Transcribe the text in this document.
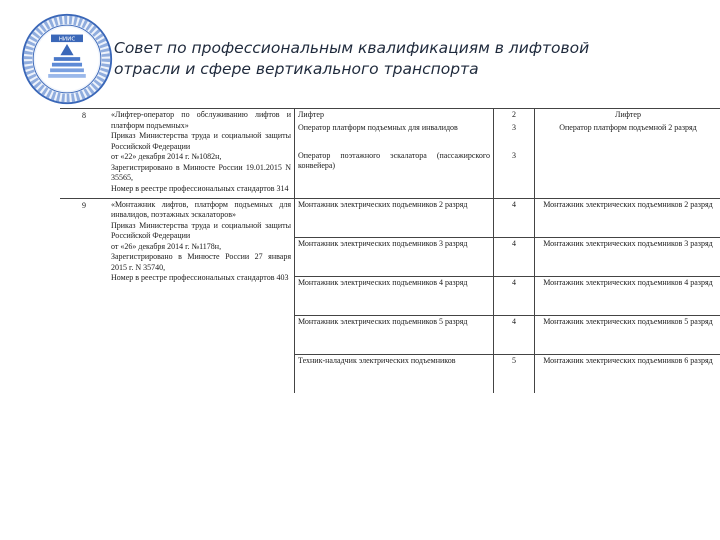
НИИС Совет по профессиональным квалификациям в лифтовой отрасли и сфере вертикального транспорта
8	«Лифтер-оператор по обслуживанию лифтов и платформ подъемных»
Приказ Министерства труда и социальной защиты Российской Федерации
от «22» декабря 2014 г. №1082н,
Зарегистрировано в Минюсте России 19.01.2015 N 35565,
Номер в реестре профессиональных стандартов 314	Лифтер	2	Лифтер
		Оператор платформ подъемных для инвалидов	3	Оператор платформ подъемной 2 разряд
		Оператор поэтажного эскалатора (пассажирского конвейера)	3	
9	«Монтажник лифтов, платформ подъемных для инвалидов, поэтажных эскалаторов»
Приказ Министерства труда и социальной защиты Российской Федерации
от «26» декабря 2014 г. №1178н,
Зарегистрировано в Минюсте России 27 января 2015 г. N 35740,
Номер в реестре профессиональных стандартов 403	Монтажник электрических подъемников 2 разряд	4	Монтажник электрических подъемников 2 разряд
		Монтажник электрических подъемников 3 разряд	4	Монтажник электрических подъемников 3 разряд
		Монтажник электрических подъемников 4 разряд	4	Монтажник электрических подъемников 4 разряд
		Монтажник электрических подъемников 5 разряд	4	Монтажник электрических подъемников 5 разряд
		Техник-наладчик электрических подъемников	5	Монтажник электрических подъемников 6 разряд
